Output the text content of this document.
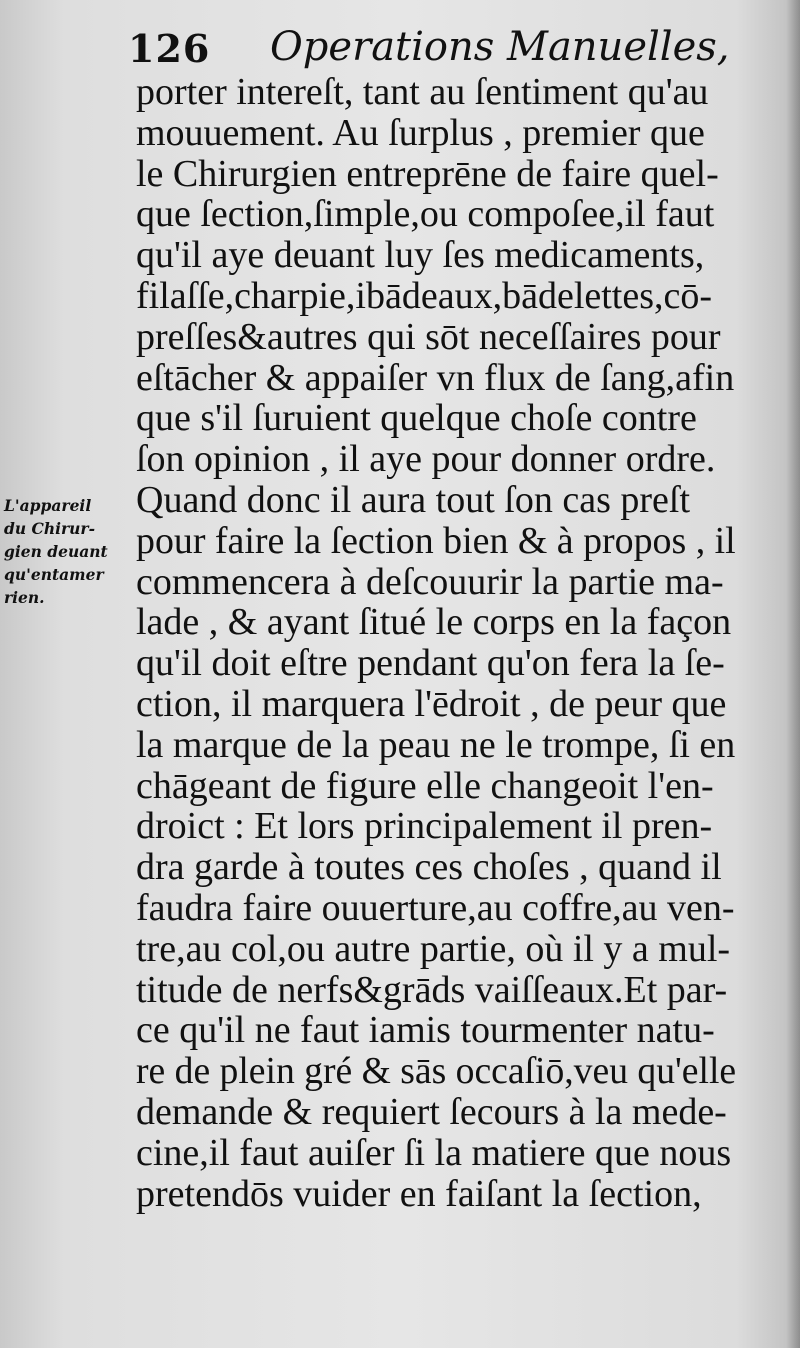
126 Operations Manuelles,
L'appareil
du Chirur-
gien deuant
qu'entamer
rien.
porter intereſt, tant au ſentiment qu'au
mouuement. Au ſurplus , premier que
le Chirurgien entreprēne de faire quel-
que ſection,ſimple,ou compoſee,il faut
qu'il aye deuant luy ſes medicaments,
filaſſe,charpie,ibādeaux,bādelettes,cō-
preſſes&autres qui sōt neceſſaires pour
eſtācher & appaiſer vn flux de ſang,afin
que s'il ſuruient quelque choſe contre
ſon opinion , il aye pour donner ordre.
Quand donc il aura tout ſon cas preſt
pour faire la ſection bien & à propos , il
commencera à deſcouurir la partie ma-
lade , & ayant ſitué le corps en la façon
qu'il doit eſtre pendant qu'on fera la ſe-
ction, il marquera l'ēdroit , de peur que
la marque de la peau ne le trompe, ſi en
chāgeant de figure elle changeoit l'en-
droict : Et lors principalement il pren-
dra garde à toutes ces choſes , quand il
faudra faire ouuerture,au coffre,au ven-
tre,au col,ou autre partie, où il y a mul-
titude de nerfs&grāds vaiſſeaux.Et par-
ce qu'il ne faut iamis tourmenter natu-
re de plein gré & sās occaſiō,veu qu'elle
demande & requiert ſecours à la mede-
cine,il faut auiſer ſi la matiere que nous
pretendōs vuider en faiſant la ſection,
